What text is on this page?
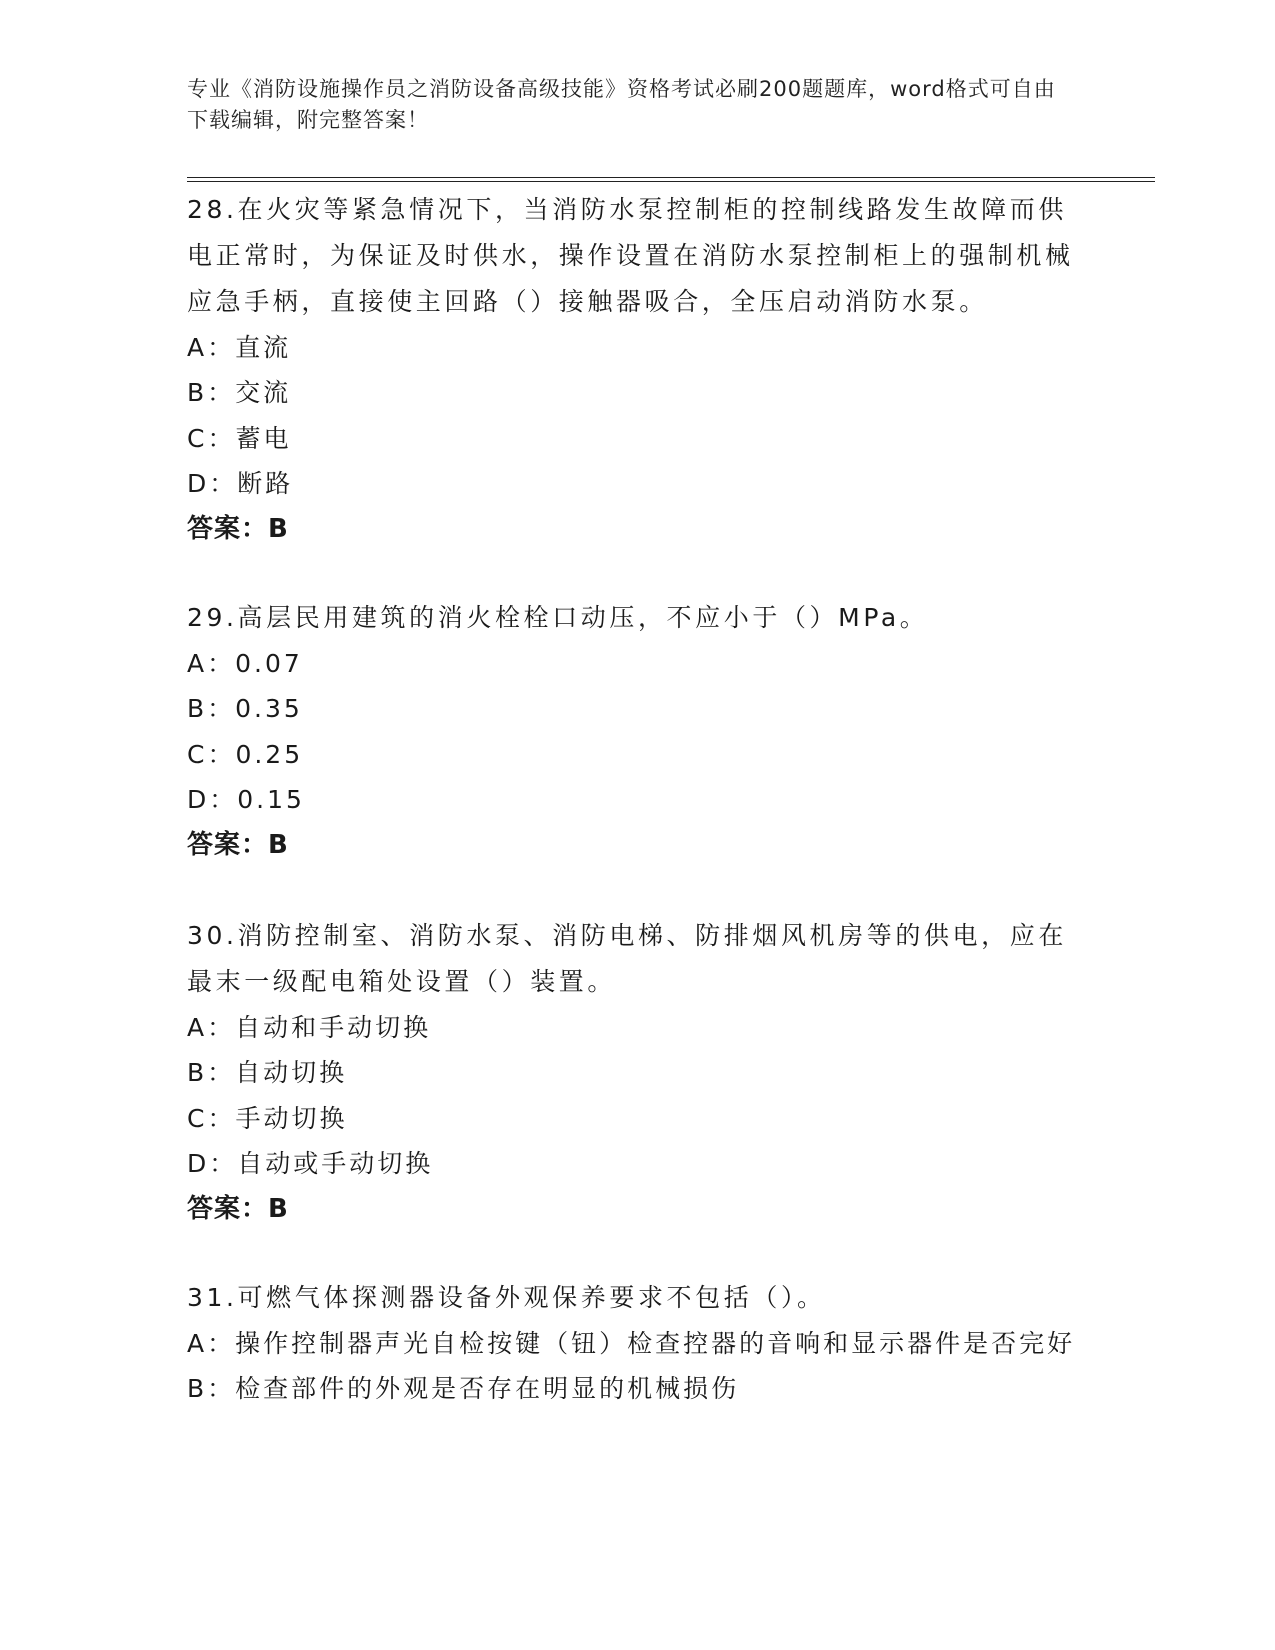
专业《消防设施操作员之消防设备高级技能》资格考试必刷200题题库，word格式可自由下载编辑，附完整答案！

28.在火灾等紧急情况下，当消防水泵控制柜的控制线路发生故障而供电正常时，为保证及时供水，操作设置在消防水泵控制柜上的强制机械应急手柄，直接使主回路（）接触器吸合，全压启动消防水泵。

A：直流

B：交流

C：蓄电

D：断路

答案：B

29.高层民用建筑的消火栓栓口动压，不应小于（）MPa。

A：0.07

B：0.35

C：0.25

D：0.15

答案：B

30.消防控制室、消防水泵、消防电梯、防排烟风机房等的供电，应在最末一级配电箱处设置（）装置。

A：自动和手动切换

B：自动切换

C：手动切换

D：自动或手动切换

答案：B

31.可燃气体探测器设备外观保养要求不包括（）。

A：操作控制器声光自检按键（钮）检查控器的音响和显示器件是否完好

B：检查部件的外观是否存在明显的机械损伤
